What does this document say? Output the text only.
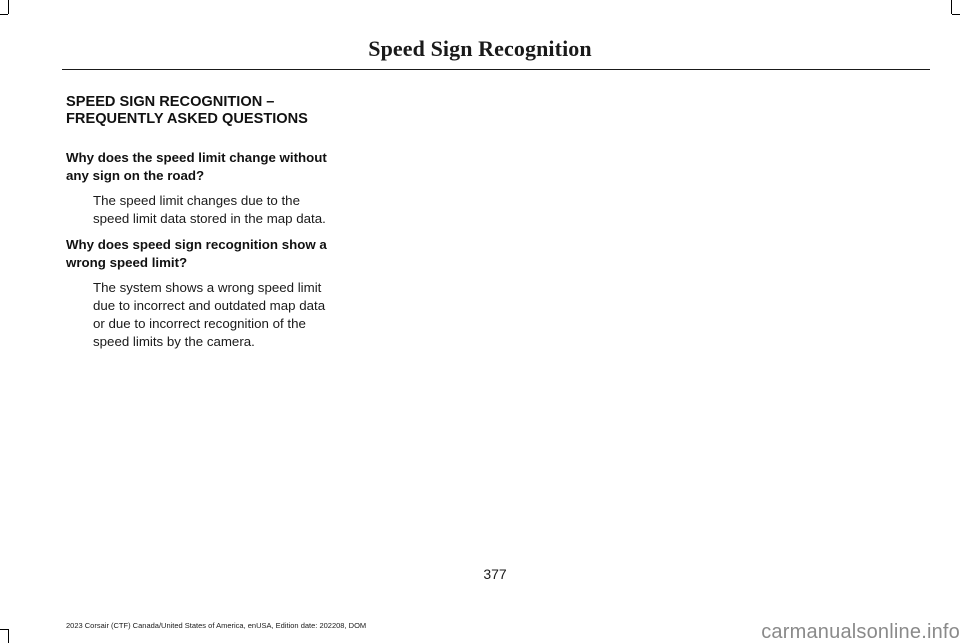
Speed Sign Recognition
SPEED SIGN RECOGNITION –
FREQUENTLY ASKED QUESTIONS
Why does the speed limit change without
any sign on the road?
The speed limit changes due to the
speed limit data stored in the map data.
Why does speed sign recognition show a
wrong speed limit?
The system shows a wrong speed limit
due to incorrect and outdated map data
or due to incorrect recognition of the
speed limits by the camera.
377
2023 Corsair (CTF) Canada/United States of America, enUSA, Edition date: 202208, DOM	carmanualsonline.info
